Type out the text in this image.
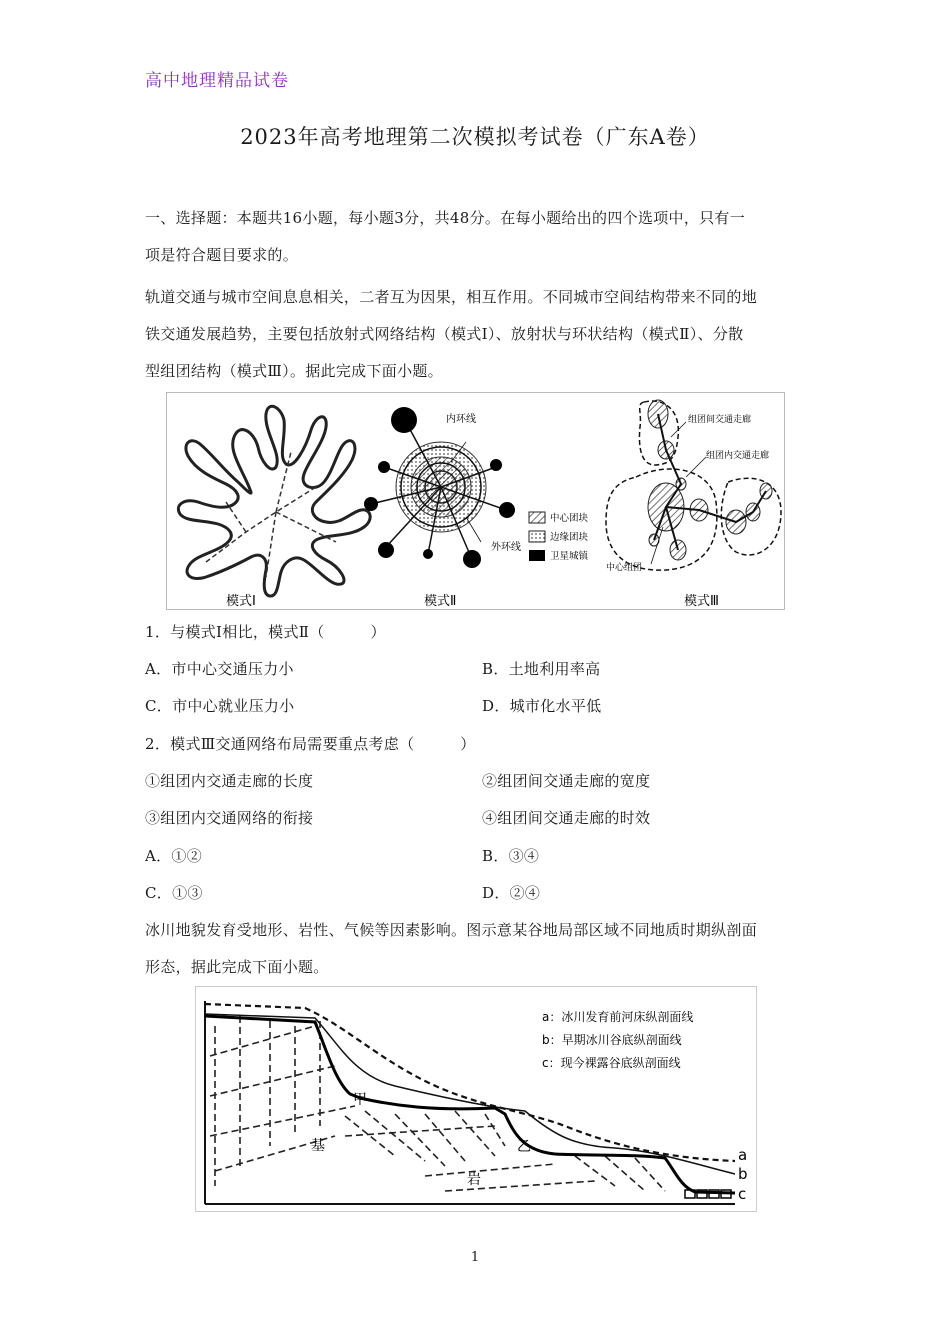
高中地理精品试卷
2023年高考地理第二次模拟考试卷（广东A卷）

一、选择题：本题共16小题，每小题3分，共48分。在每小题给出的四个选项中，只有一
项是符合题目要求的。

轨道交通与城市空间息息相关，二者互为因果，相互作用。不同城市空间结构带来不同的地
铁交通发展趋势，主要包括放射式网络结构（模式Ⅰ）、放射状与环状结构（模式Ⅱ）、分散
型组团结构（模式Ⅲ）。据此完成下面小题。

内环线
外环线
中心团块
边缘团块
卫星城镇
组团间交通走廊
组团内交通走廊
中心组团
模式Ⅰ	模式Ⅱ	模式Ⅲ
1．与模式Ⅰ相比，模式Ⅱ（　　　）
A．市中心交通压力小	B．土地利用率高
C．市中心就业压力小	D．城市化水平低
2．模式Ⅲ交通网络布局需要重点考虑（　　　）
①组团内交通走廊的长度	②组团间交通走廊的宽度
③组团内交通网络的衔接	④组团间交通走廊的时效
A．①②	B．③④
C．①③	D．②④

冰川地貌发育受地形、岩性、气候等因素影响。图示意某谷地局部区域不同地质时期纵剖面
形态，据此完成下面小题。

甲
乙
基
岩
a
b
c
a：冰川发育前河床纵剖面线
b：早期冰川谷底纵剖面线
c：现今裸露谷底纵剖面线
1
